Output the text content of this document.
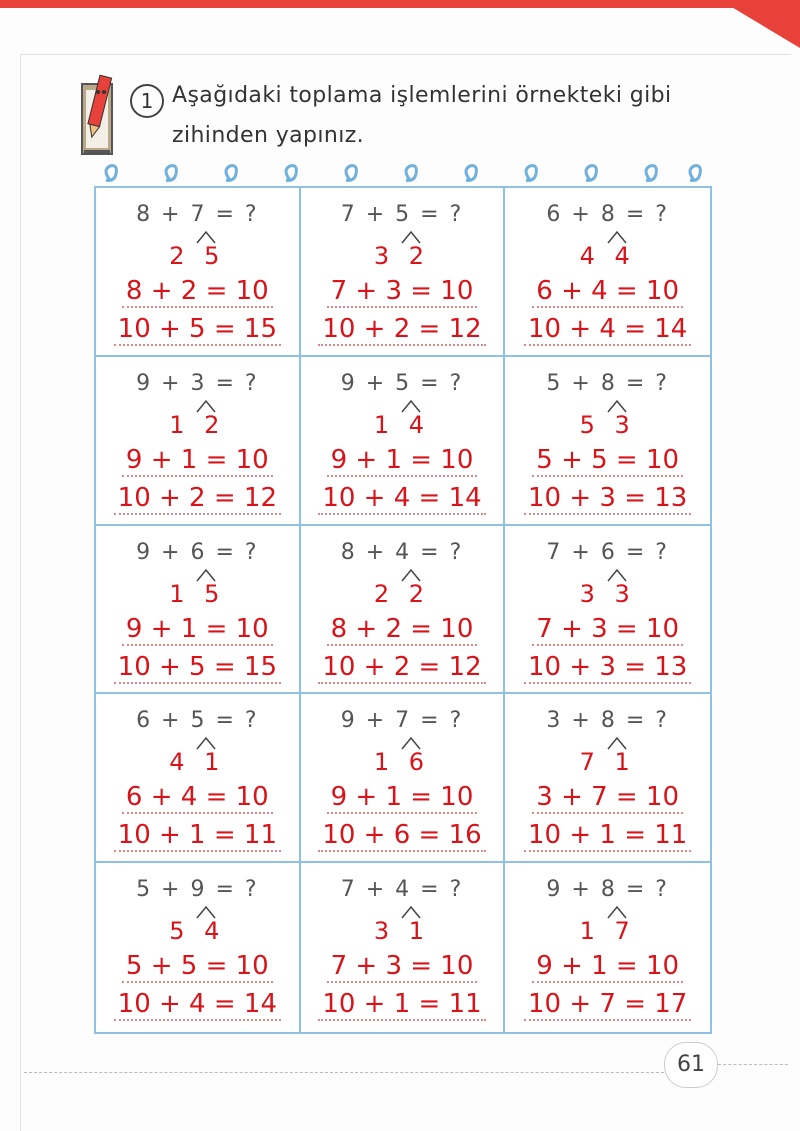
1 Aşağıdaki toplama işlemlerini örnekteki gibi
zihinden yapınız.
8 + 7 = ?
2 5
8 + 2 = 10
10 + 5 = 15
7 + 5 = ?
3 2
7 + 3 = 10
10 + 2 = 12
6 + 8 = ?
4 4
6 + 4 = 10
10 + 4 = 14
9 + 3 = ?
1 2
9 + 1 = 10
10 + 2 = 12
9 + 5 = ?
1 4
9 + 1 = 10
10 + 4 = 14
5 + 8 = ?
5 3
5 + 5 = 10
10 + 3 = 13
9 + 6 = ?
1 5
9 + 1 = 10
10 + 5 = 15
8 + 4 = ?
2 2
8 + 2 = 10
10 + 2 = 12
7 + 6 = ?
3 3
7 + 3 = 10
10 + 3 = 13
6 + 5 = ?
4 1
6 + 4 = 10
10 + 1 = 11
9 + 7 = ?
1 6
9 + 1 = 10
10 + 6 = 16
3 + 8 = ?
7 1
3 + 7 = 10
10 + 1 = 11
5 + 9 = ?
5 4
5 + 5 = 10
10 + 4 = 14
7 + 4 = ?
3 1
7 + 3 = 10
10 + 1 = 11
9 + 8 = ?
1 7
9 + 1 = 10
10 + 7 = 17
61
